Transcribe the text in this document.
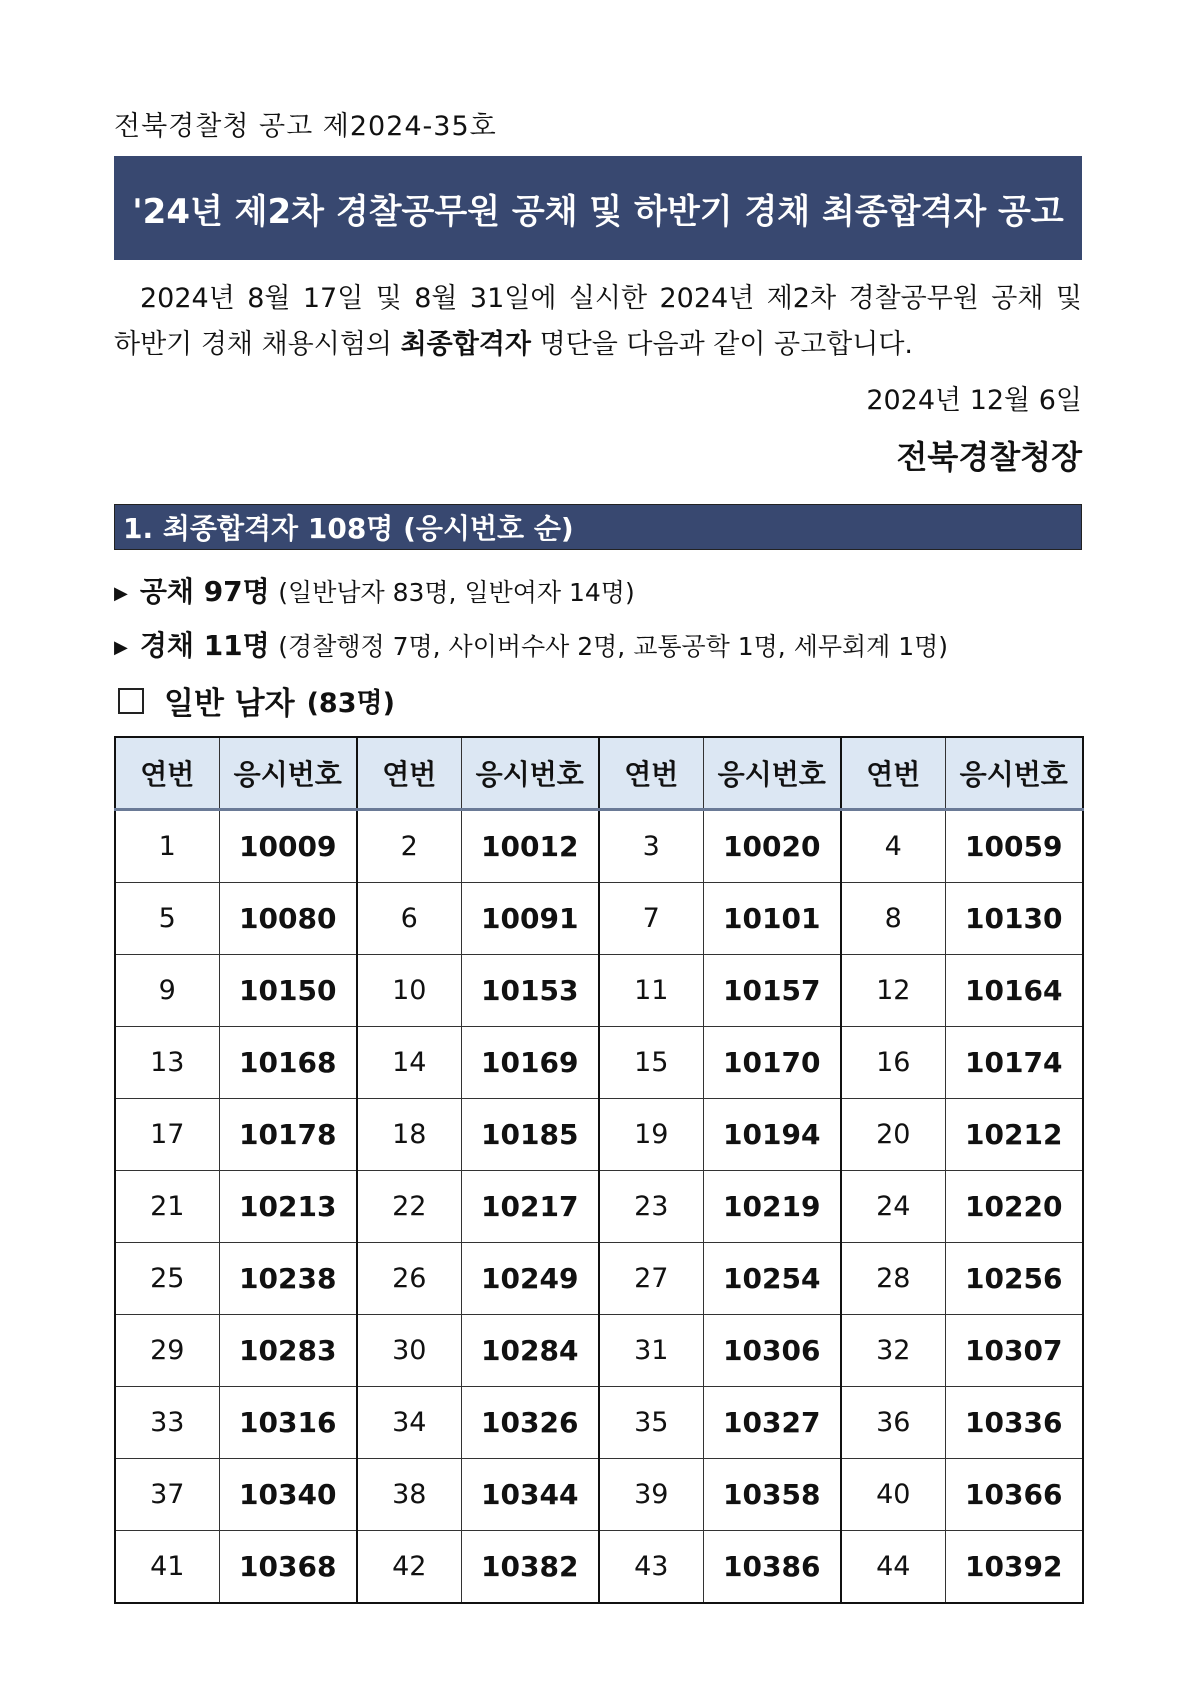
전북경찰청 공고 제2024-35호
'24년 제2차 경찰공무원 공채 및 하반기 경채 최종합격자 공고
2024년 8월 17일 및 8월 31일에 실시한 2024년 제2차 경찰공무원 공채 및
하반기 경채 채용시험의 최종합격자 명단을 다음과 같이 공고합니다.
2024년 12월 6일
전북경찰청장
1. 최종합격자 108명 (응시번호 순)
▶ 공채 97명 (일반남자 83명, 일반여자 14명)
▶ 경채 11명 (경찰행정 7명, 사이버수사 2명, 교통공학 1명, 세무회계 1명)
일반 남자 (83명)
연번	응시번호	연번	응시번호	연번	응시번호	연번	응시번호
1	10009	2	10012	3	10020	4	10059
5	10080	6	10091	7	10101	8	10130
9	10150	10	10153	11	10157	12	10164
13	10168	14	10169	15	10170	16	10174
17	10178	18	10185	19	10194	20	10212
21	10213	22	10217	23	10219	24	10220
25	10238	26	10249	27	10254	28	10256
29	10283	30	10284	31	10306	32	10307
33	10316	34	10326	35	10327	36	10336
37	10340	38	10344	39	10358	40	10366
41	10368	42	10382	43	10386	44	10392
